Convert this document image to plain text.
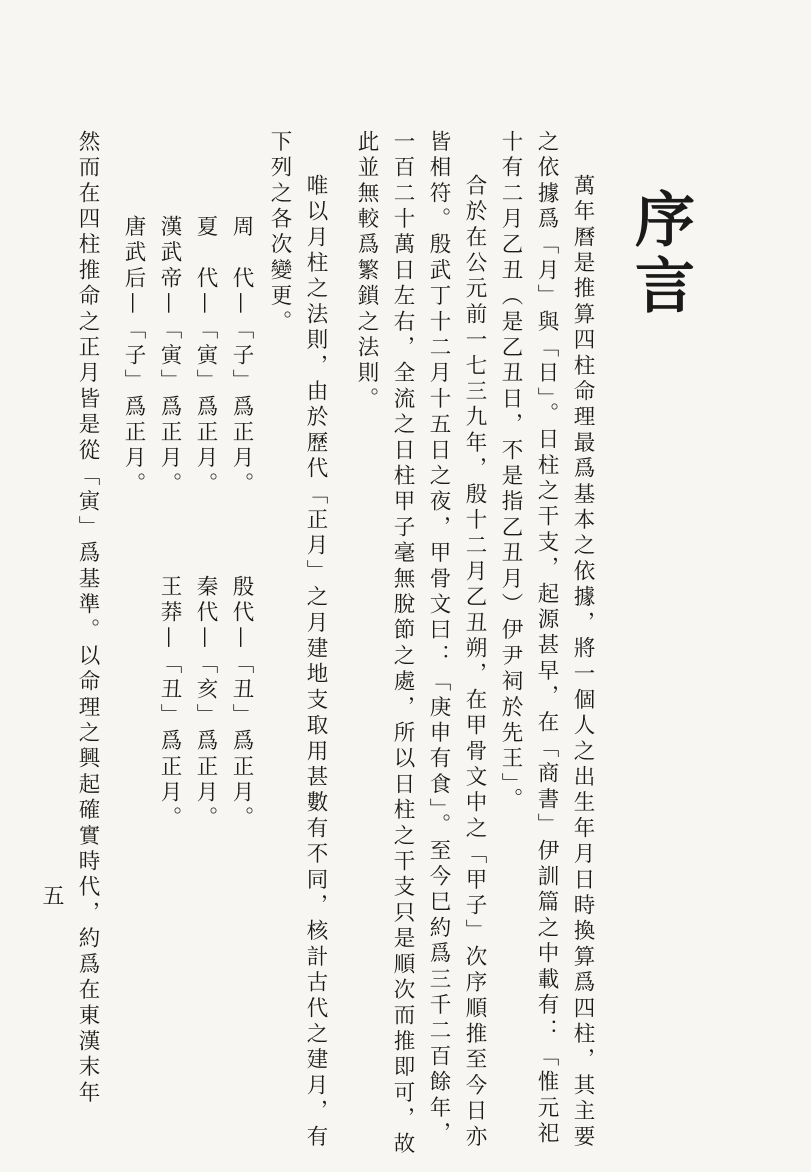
序言
萬年曆是推算四柱命理最爲基本之依據，將一個人之出生年月日時換算爲四柱，其主要
之依據爲「月」與「日」。日柱之干支，起源甚早，在「商書」伊訓篇之中載有：「惟元祀
十有二月乙丑（是乙丑日，不是指乙丑月）伊尹祠於先王」。
合於在公元前一七三九年，殷十二月乙丑朔，在甲骨文中之「甲子」次序順推至今日亦
皆相符。殷武丁十二月十五日之夜，甲骨文曰：「庚申有食」。至今巳約爲三千二百餘年，
一百二十萬日左右，全流之日柱甲子毫無脫節之處，所以日柱之干支只是順次而推即可，故
此並無較爲繁鎖之法則。
唯以月柱之法則，由於歷代「正月」之月建地支取用甚數有不同，核計古代之建月，有
下列之各次變更。
周　代—「子」爲正月。
夏　代—「寅」爲正月。
漢武帝—「寅」爲正月。
唐武后—「子」爲正月。
殷代—「丑」爲正月。
秦代—「亥」爲正月。
王莽—「丑」爲正月。
然而在四柱推命之正月皆是從「寅」爲基準。以命理之興起確實時代，約爲在東漢末年
五
